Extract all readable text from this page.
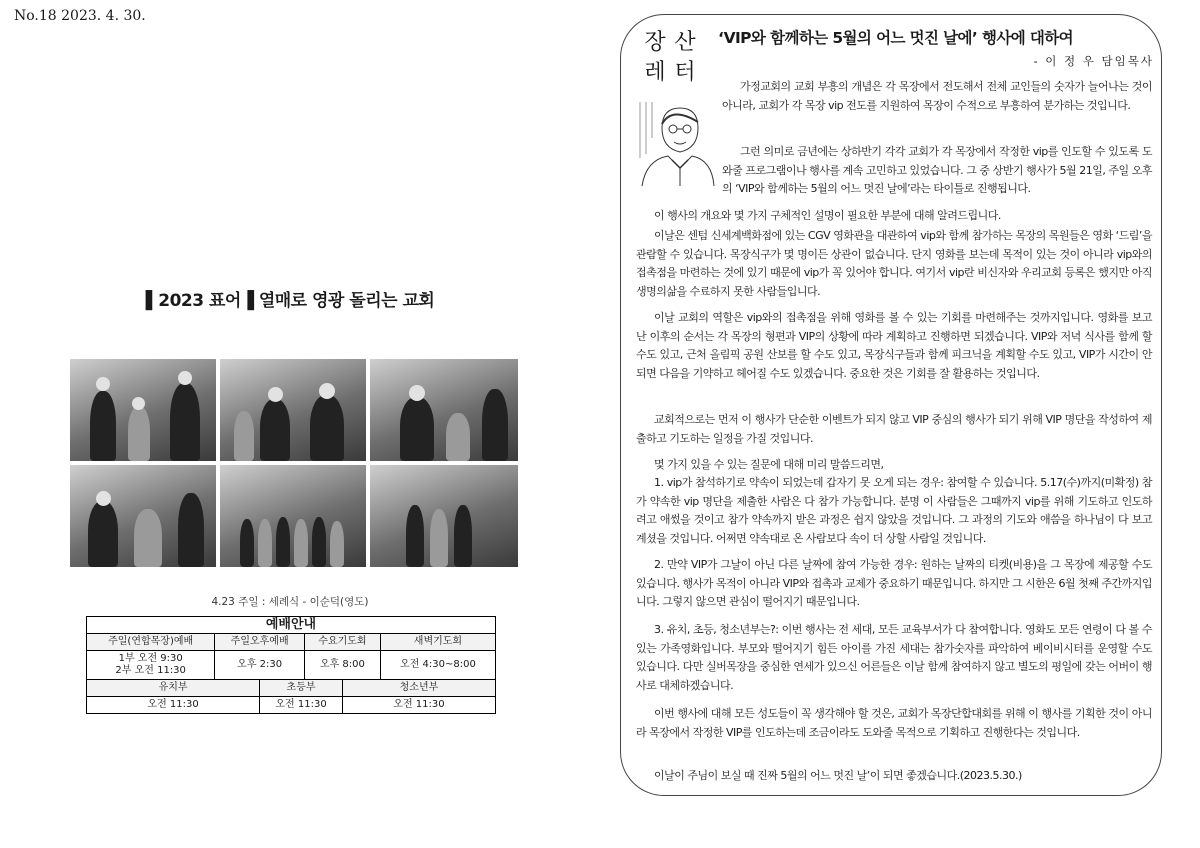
No.18 2023. 4. 30.
▌2023 표어▐ 열매로 영광 돌리는 교회
4.23 주일 : 세례식 - 이순덕(영도)
예배안내					
주일(연합목장)예배	주일오후예배		수요기도회		새벽기도회

1부 오전 9:30
2부 오전 11:30	오후 2:30		오후 8:00		오전 4:30~8:00
유치부		초등부		청소년부	
오전 11:30		오전 11:30		오전 11:30	
장 산
레 터
‘VIP와 함께하는 5월의 어느 멋진 날에’ 행사에 대하여
- 이 정 우 담임목사
가정교회의 교회 부흥의 개념은 각 목장에서 전도해서 전체 교인들의 숫자가 늘어나는 것이 아니라, 교회가 각 목장 vip 전도를 지원하여 목장이 수적으로 부흥하여 분가하는 것입니다.
그런 의미로 금년에는 상하반기 각각 교회가 각 목장에서 작정한 vip를 인도할 수 있도록 도와줄 프로그램이나 행사를 계속 고민하고 있었습니다. 그 중 상반기 행사가 5월 21일, 주일 오후의 ‘VIP와 함께하는 5월의 어느 멋진 날에’라는 타이틀로 진행됩니다.
이 행사의 개요와 몇 가지 구체적인 설명이 필요한 부분에 대해 알려드립니다.
이날은 센텀 신세계백화점에 있는 CGV 영화관을 대관하여 vip와 함께 참가하는 목장의 목원들은 영화 ‘드림’을 관람할 수 있습니다. 목장식구가 몇 명이든 상관이 없습니다. 단지 영화를 보는데 목적이 있는 것이 아니라 vip와의 접촉점을 마련하는 것에 있기 때문에 vip가 꼭 있어야 합니다. 여기서 vip란 비신자와 우리교회 등록은 했지만 아직 생명의삶을 수료하지 못한 사람들입니다.
이날 교회의 역할은 vip와의 접촉점을 위해 영화를 볼 수 있는 기회를 마련해주는 것까지입니다. 영화를 보고 난 이후의 순서는 각 목장의 형편과 VIP의 상황에 따라 계획하고 진행하면 되겠습니다. VIP와 저녁 식사를 함께 할 수도 있고, 근처 올림픽 공원 산보를 할 수도 있고, 목장식구들과 함께 피크닉을 계획할 수도 있고, VIP가 시간이 안 되면 다음을 기약하고 헤어질 수도 있겠습니다. 중요한 것은 기회를 잘 활용하는 것입니다.
교회적으로는 먼저 이 행사가 단순한 이벤트가 되지 않고 VIP 중심의 행사가 되기 위해 VIP 명단을 작성하여 제출하고 기도하는 일정을 가질 것입니다.
몇 가지 있을 수 있는 질문에 대해 미리 말씀드리면,
1. vip가 참석하기로 약속이 되었는데 갑자기 못 오게 되는 경우: 참여할 수 있습니다. 5.17(수)까지(미확정) 참가 약속한 vip 명단을 제출한 사람은 다 참가 가능합니다. 분명 이 사람들은 그때까지 vip를 위해 기도하고 인도하려고 애썼을 것이고 참가 약속까지 받은 과정은 쉽지 않았을 것입니다. 그 과정의 기도와 애씀을 하나님이 다 보고 계셨을 것입니다. 어쩌면 약속대로 온 사람보다 속이 더 상할 사람일 것입니다.
2. 만약 VIP가 그날이 아닌 다른 날짜에 참여 가능한 경우: 원하는 날짜의 티켓(비용)을 그 목장에 제공할 수도 있습니다. 행사가 목적이 아니라 VIP와 접촉과 교제가 중요하기 때문입니다. 하지만 그 시한은 6월 첫째 주간까지입니다. 그렇지 않으면 관심이 떨어지기 때문입니다.
3. 유치, 초등, 청소년부는?: 이번 행사는 전 세대, 모든 교육부서가 다 참여합니다. 영화도 모든 연령이 다 볼 수 있는 가족영화입니다. 부모와 떨어지기 힘든 아이를 가진 세대는 참가숫자를 파악하여 베이비시터를 운영할 수도 있습니다. 다만 실버목장을 중심한 연세가 있으신 어른들은 이날 함께 참여하지 않고 별도의 평일에 갖는 어버이 행사로 대체하겠습니다.
이번 행사에 대해 모든 성도들이 꼭 생각해야 할 것은, 교회가 목장단합대회를 위해 이 행사를 기획한 것이 아니라 목장에서 작정한 VIP를 인도하는데 조금이라도 도와줄 목적으로 기획하고 진행한다는 것입니다.
이날이 주님이 보실 때 진짜 5월의 어느 멋진 날’이 되면 좋겠습니다.(2023.5.30.)
